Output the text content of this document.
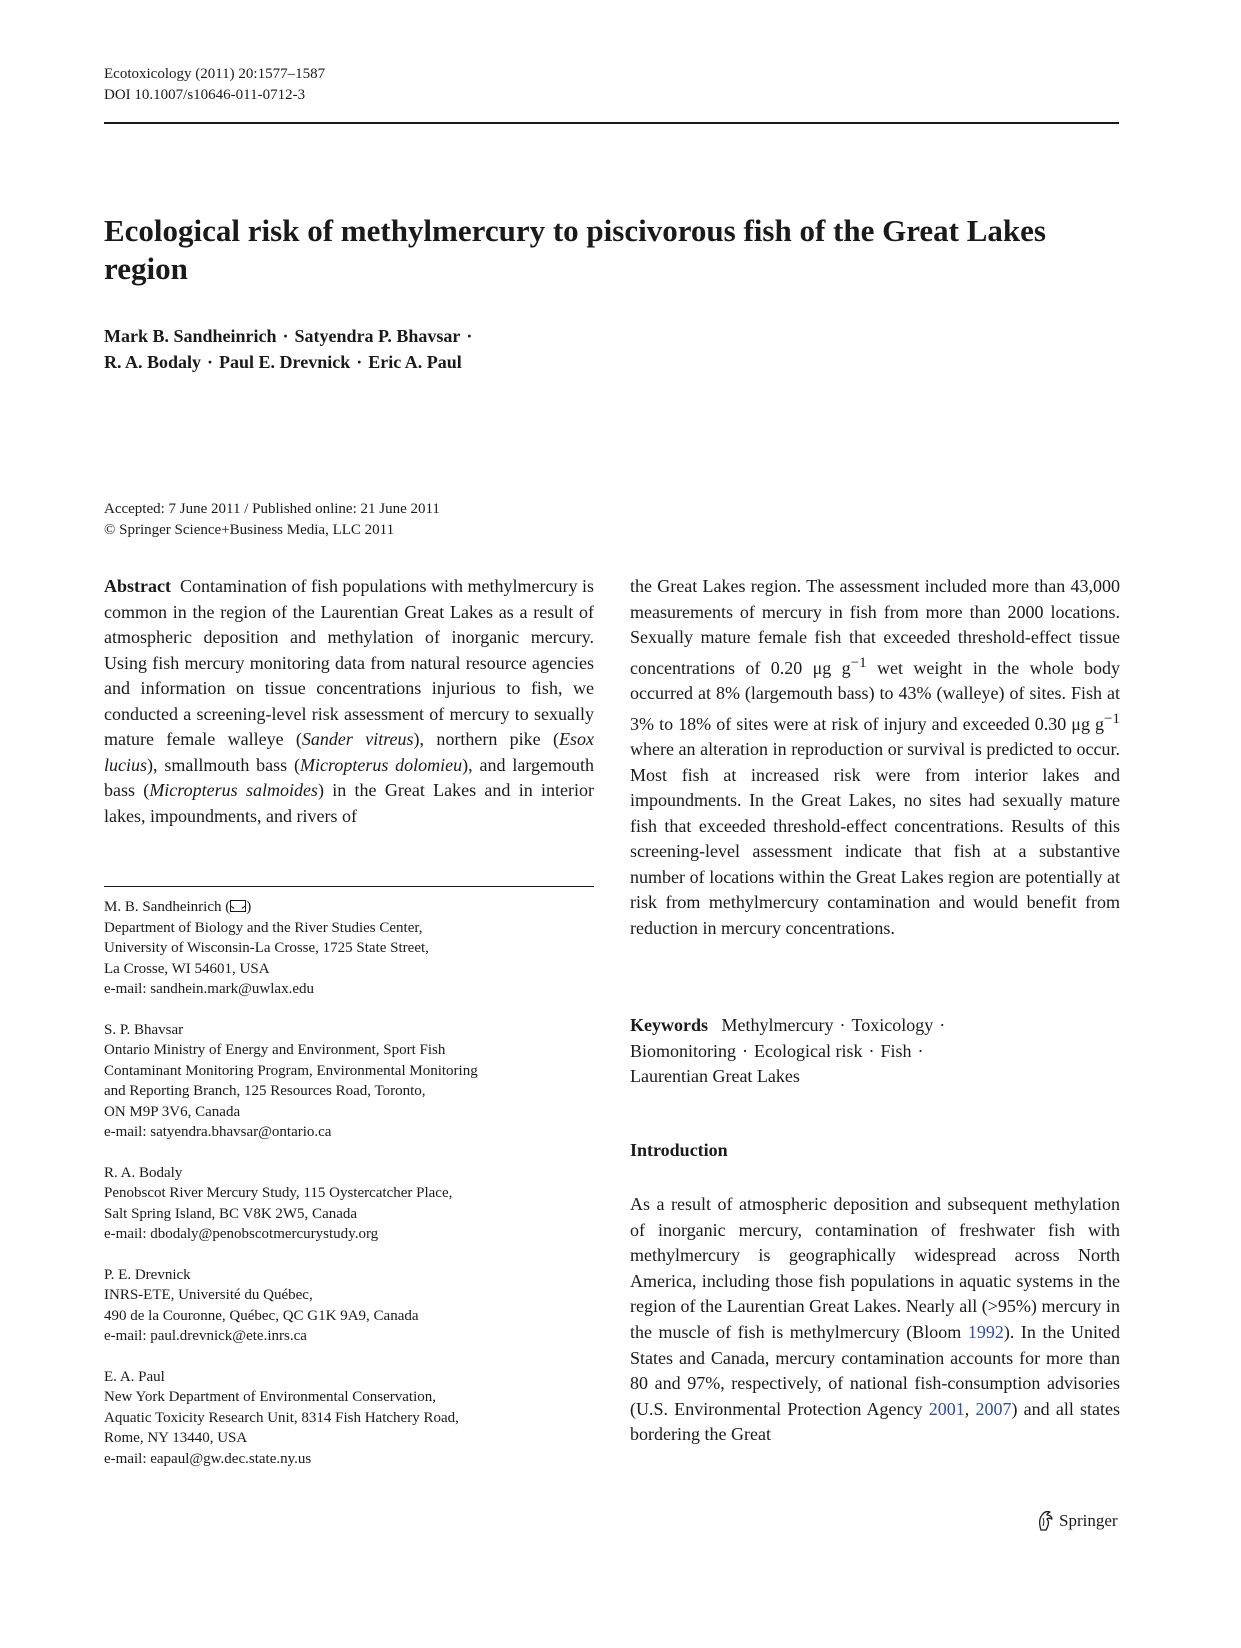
Ecotoxicology (2011) 20:1577–1587
DOI 10.1007/s10646-011-0712-3
Ecological risk of methylmercury to piscivorous fish of the Great Lakes region
Mark B. Sandheinrich · Satyendra P. Bhavsar ·
R. A. Bodaly · Paul E. Drevnick · Eric A. Paul
Accepted: 7 June 2011 / Published online: 21 June 2011
© Springer Science+Business Media, LLC 2011
Abstract Contamination of fish populations with methylmercury is common in the region of the Laurentian Great Lakes as a result of atmospheric deposition and methylation of inorganic mercury. Using fish mercury monitoring data from natural resource agencies and information on tissue concentrations injurious to fish, we conducted a screening-level risk assessment of mercury to sexually mature female walleye (Sander vitreus), northern pike (Esox lucius), smallmouth bass (Micropterus dolomieu), and largemouth bass (Micropterus salmoides) in the Great Lakes and in interior lakes, impoundments, and rivers of
M. B. Sandheinrich ( )
Department of Biology and the River Studies Center,
University of Wisconsin-La Crosse, 1725 State Street,
La Crosse, WI 54601, USA
e-mail: sandhein.mark@uwlax.edu
S. P. Bhavsar
Ontario Ministry of Energy and Environment, Sport Fish
Contaminant Monitoring Program, Environmental Monitoring
and Reporting Branch, 125 Resources Road, Toronto,
ON M9P 3V6, Canada
e-mail: satyendra.bhavsar@ontario.ca
R. A. Bodaly
Penobscot River Mercury Study, 115 Oystercatcher Place,
Salt Spring Island, BC V8K 2W5, Canada
e-mail: dbodaly@penobscotmercurystudy.org
P. E. Drevnick
INRS-ETE, Université du Québec,
490 de la Couronne, Québec, QC G1K 9A9, Canada
e-mail: paul.drevnick@ete.inrs.ca
E. A. Paul
New York Department of Environmental Conservation,
Aquatic Toxicity Research Unit, 8314 Fish Hatchery Road,
Rome, NY 13440, USA
e-mail: eapaul@gw.dec.state.ny.us
the Great Lakes region. The assessment included more than 43,000 measurements of mercury in fish from more than 2000 locations. Sexually mature female fish that exceeded threshold-effect tissue concentrations of 0.20 μg $g^{-1}$ wet weight in the whole body occurred at 8% (largemouth bass) to 43% (walleye) of sites. Fish at 3% to 18% of sites were at risk of injury and exceeded 0.30 μg $g^{-1}$ where an alteration in reproduction or survival is predicted to occur. Most fish at increased risk were from interior lakes and impoundments. In the Great Lakes, no sites had sexually mature fish that exceeded threshold-effect concentrations. Results of this screening-level assessment indicate that fish at a substantive number of locations within the Great Lakes region are potentially at risk from methylmercury contamination and would benefit from reduction in mercury concentrations.
Keywords Methylmercury · Toxicology ·
Biomonitoring · Ecological risk · Fish ·
Laurentian Great Lakes
Introduction
As a result of atmospheric deposition and subsequent methylation of inorganic mercury, contamination of freshwater fish with methylmercury is geographically widespread across North America, including those fish populations in aquatic systems in the region of the Laurentian Great Lakes. Nearly all (>95%) mercury in the muscle of fish is methylmercury (Bloom 1992). In the United States and Canada, mercury contamination accounts for more than 80 and 97%, respectively, of national fish-consumption advisories (U.S. Environmental Protection Agency 2001, 2007) and all states bordering the Great
Springer
